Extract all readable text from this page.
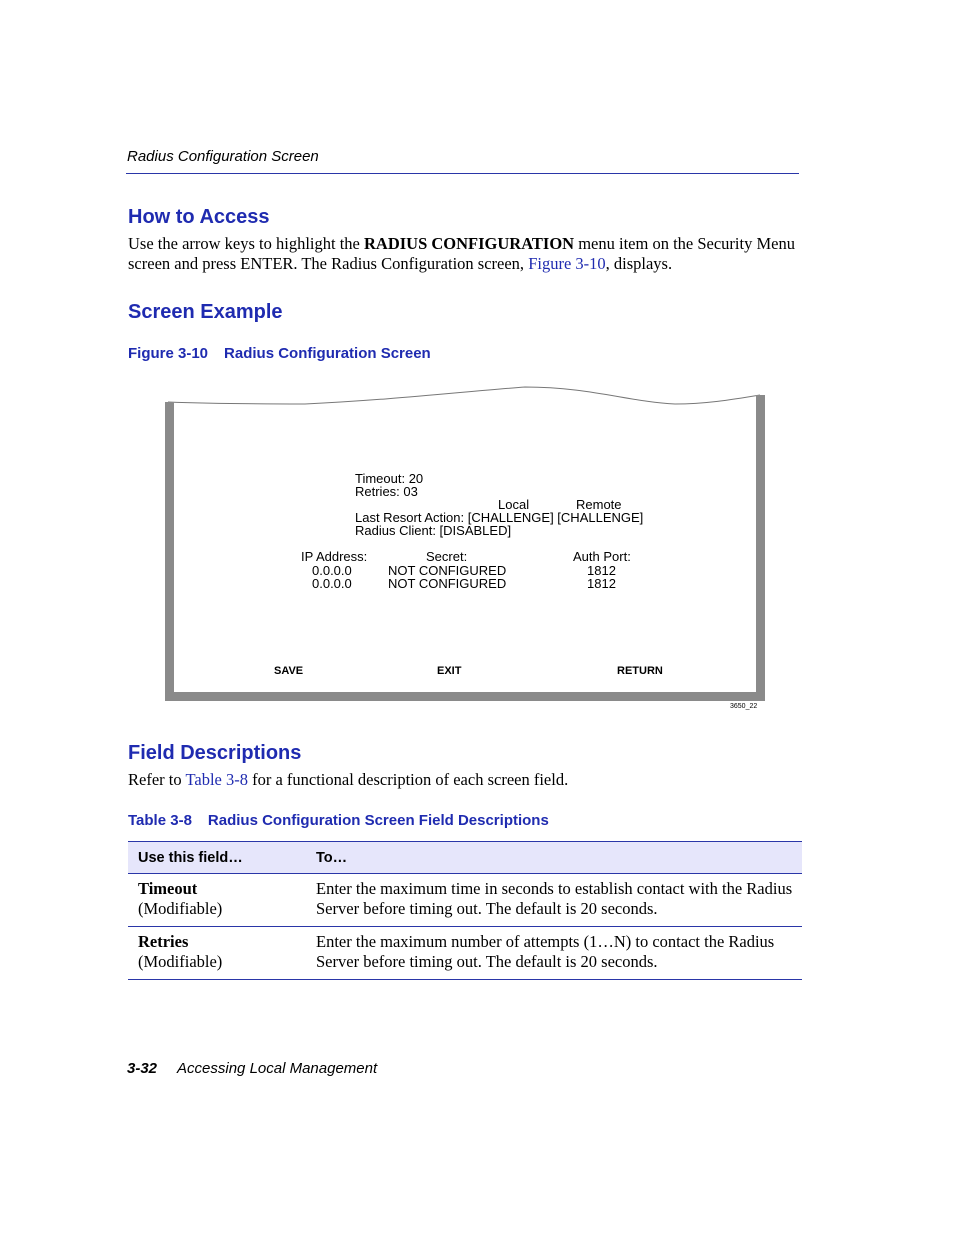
Radius Configuration Screen
How to Access
Use the arrow keys to highlight the RADIUS CONFIGURATION menu item on the Security Menu screen and press ENTER. The Radius Configuration screen, Figure 3-10, displays.
Screen Example
Figure 3-10 Radius Configuration Screen
Timeout: 20
Retries: 03
Local	Remote
Last Resort Action: [CHALLENGE] [CHALLENGE]
Radius Client: [DISABLED]
IP Address:	Secret:	Auth Port:
0.0.0.0	NOT CONFIGURED	1812
0.0.0.0	NOT CONFIGURED	1812
SAVE	EXIT	RETURN
3650_22
Field Descriptions
Refer to Table 3-8 for a functional description of each screen field.
Table 3-8 Radius Configuration Screen Field Descriptions
Use this field…	To…

Timeout
(Modifiable)	Enter the maximum time in seconds to establish contact with the Radius Server before timing out. The default is 20 seconds.

Retries
(Modifiable)	Enter the maximum number of attempts (1…N) to contact the Radius Server before timing out. The default is 20 seconds.
3-32 Accessing Local Management
